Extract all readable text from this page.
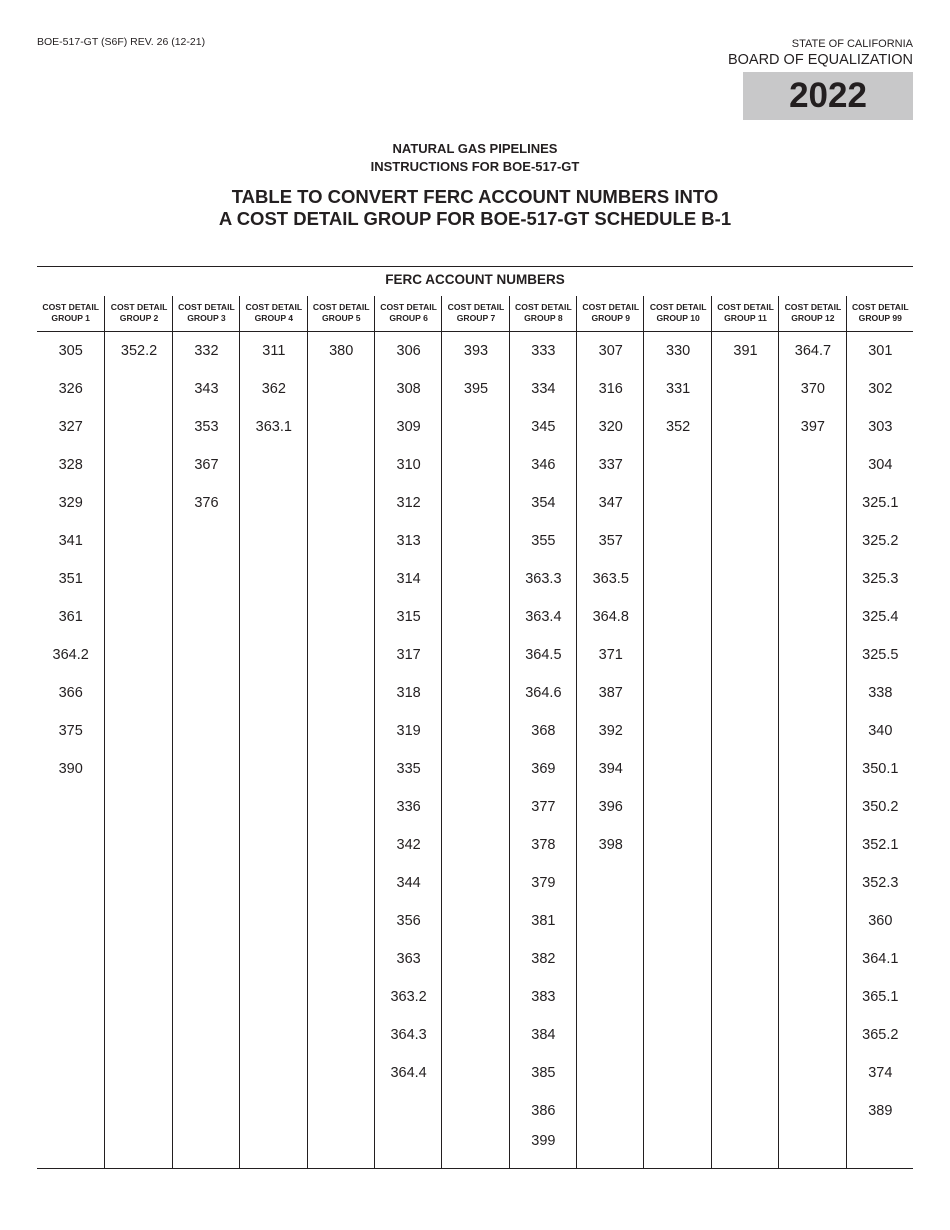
BOE-517-GT (S6F) REV. 26 (12-21)	STATE OF CALIFORNIA
BOARD OF EQUALIZATION
2022
NATURAL GAS PIPELINES
INSTRUCTIONS FOR BOE-517-GT
TABLE TO CONVERT FERC ACCOUNT NUMBERS INTO
A COST DETAIL GROUP FOR BOE-517-GT SCHEDULE B-1
FERC ACCOUNT NUMBERS
COST DETAIL
GROUP 1
305
326
327
328
329
341
351
361
364.2
366
375
390
COST DETAIL
GROUP 2
352.2
COST DETAIL
GROUP 3
332
343
353
367
376
COST DETAIL
GROUP 4
311
362
363.1
COST DETAIL
GROUP 5
380
COST DETAIL
GROUP 6
306
308
309
310
312
313
314
315
317
318
319
335
336
342
344
356
363
363.2
364.3
364.4
COST DETAIL
GROUP 7
393
395
COST DETAIL
GROUP 8
333
334
345
346
354
355
363.3
363.4
364.5
364.6
368
369
377
378
379
381
382
383
384
385
386
399
COST DETAIL
GROUP 9
307
316
320
337
347
357
363.5
364.8
371
387
392
394
396
398
COST DETAIL
GROUP 10
330
331
352
COST DETAIL
GROUP 11
391
COST DETAIL
GROUP 12
364.7
370
397
COST DETAIL
GROUP 99
301
302
303
304
325.1
325.2
325.3
325.4
325.5
338
340
350.1
350.2
352.1
352.3
360
364.1
365.1
365.2
374
389
